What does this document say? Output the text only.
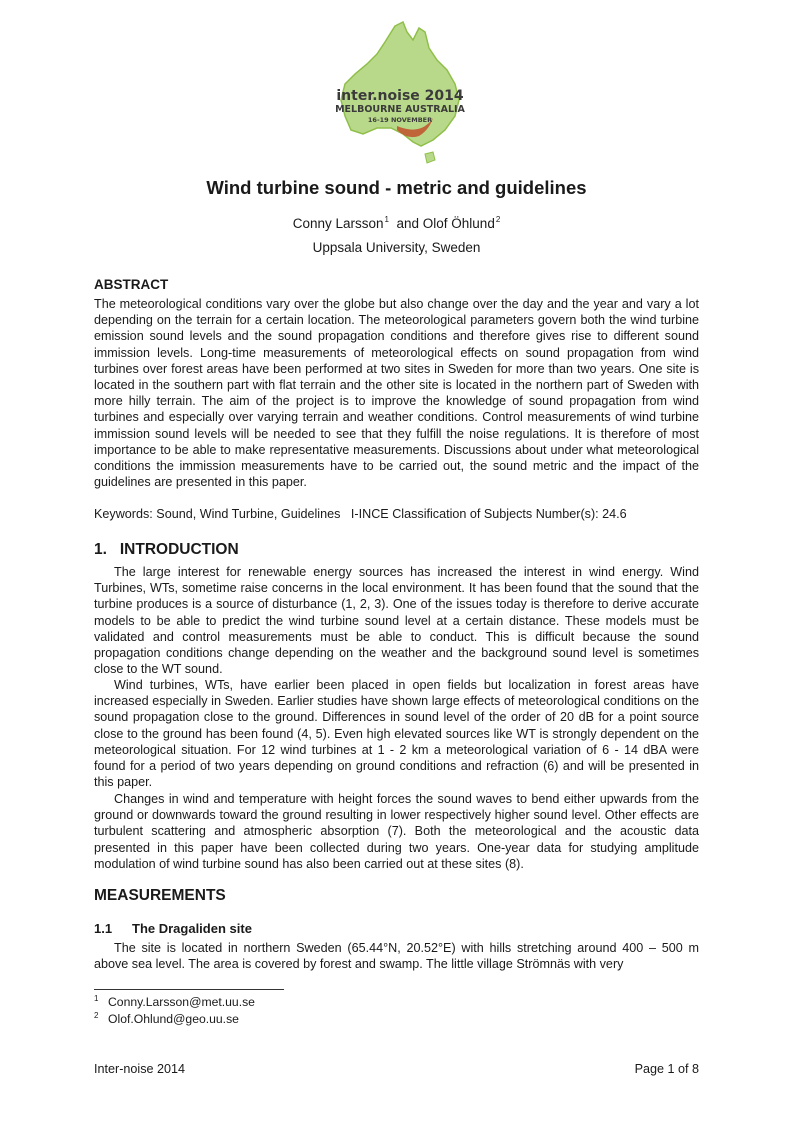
inter.noise 2014
MELBOURNE AUSTRALIA
16-19 NOVEMBER
Wind turbine sound - metric and guidelines
Conny Larsson$^1$ and Olof Öhlund$^2$
Uppsala University, Sweden
ABSTRACT

The meteorological conditions vary over the globe but also change over the day and the year and vary a lot depending on the terrain for a certain location. The meteorological parameters govern both the wind turbine emission sound levels and the sound propagation conditions and therefore gives rise to different sound immission levels. Long-time measurements of meteorological effects on sound propagation from wind turbines over forest areas have been performed at two sites in Sweden for more than two years. One site is located in the southern part with flat terrain and the other site is located in the northern part of Sweden with more hilly terrain. The aim of the project is to improve the knowledge of sound propagation from wind turbines and especially over varying terrain and weather conditions. Control measurements of wind turbine immission sound levels will be needed to see that they fulfill the noise regulations. It is therefore of most importance to be able to make representative measurements. Discussions about under what meteorological conditions the immission measurements have to be carried out, the sound metric and the impact of the guidelines are presented in this paper.

Keywords: Sound, Wind Turbine, Guidelines I-INCE Classification of Subjects Number(s): 24.6
1.   INTRODUCTION

The large interest for renewable energy sources has increased the interest in wind energy. Wind Turbines, WTs, sometime raise concerns in the local environment. It has been found that the sound that the turbine produces is a source of disturbance (1, 2, 3). One of the issues today is therefore to derive accurate models to be able to predict the wind turbine sound level at a certain distance. These models must be validated and control measurements must be able to conduct. This is difficult because the sound propagation conditions change depending on the weather and the background sound level is sometimes close to the WT sound.

Wind turbines, WTs, have earlier been placed in open fields but localization in forest areas have increased especially in Sweden. Earlier studies have shown large effects of meteorological conditions on the sound propagation close to the ground. Differences in sound level of the order of 20 dB for a point source close to the ground has been found (4, 5). Even high elevated sources like WT is strongly dependent on the meteorological situation. For 12 wind turbines at 1 - 2 km a meteorological variation of 6 - 14 dBA were found for a period of two years depending on ground conditions and refraction (6) and will be presented in this paper.

Changes in wind and temperature with height forces the sound waves to bend either upwards from the ground or downwards toward the ground resulting in lower respectively higher sound level. Other effects are turbulent scattering and atmospheric absorption (7). Both the meteorological and the acoustic data presented in this paper have been collected during two years. One-year data for studying amplitude modulation of wind turbine sound has also been carried out at these sites (8).

MEASUREMENTS
1.1 The Dragaliden site

The site is located in northern Sweden (65.44°N, 20.52°E) with hills stretching around 400 – 500 m above sea level. The area is covered by forest and swamp. The little village Strömnäs with very

$^1$ Conny.Larsson@met.uu.se
$^2$ Olof.Ohlund@geo.uu.se
Inter-noise 2014	Page 1 of 8
